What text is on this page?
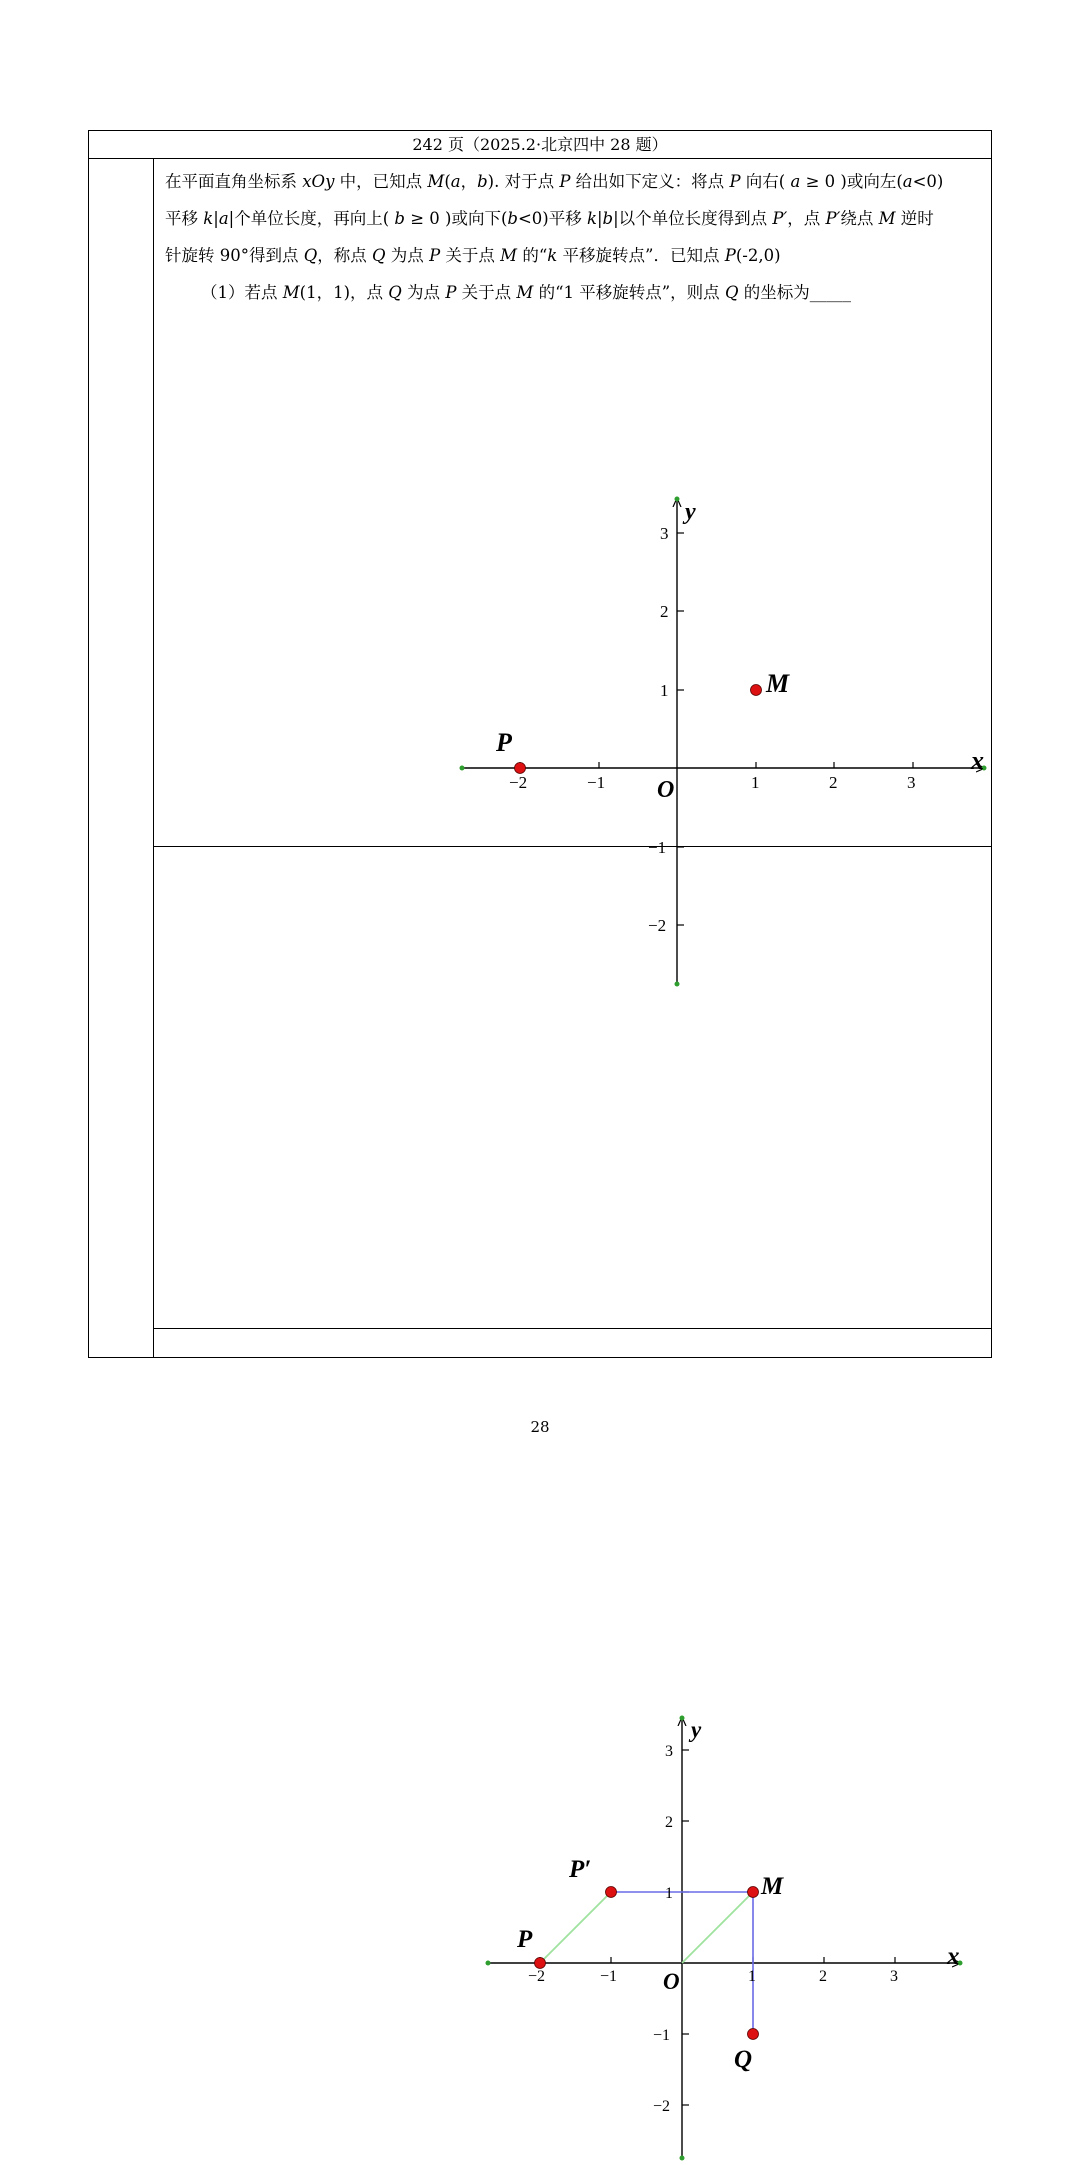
242 页（2025.2·北京四中 28 题）

在平面直角坐标系 xOy 中，已知点 M(a，b). 对于点 P 给出如下定义：将点 P 向右( a ≥ 0 )或向左(a<0)

平移 k|a|个单位长度，再向上( b ≥ 0 )或向下(b<0)平移 k|b|以个单位长度得到点 P′，点 P′绕点 M 逆时

针旋转 90°得到点 Q，称点 Q 为点 P 关于点 M 的“k 平移旋转点”．已知点 P(-2,0)

（1）若点 M(1，1)，点 Q 为点 P 关于点 M 的“1 平移旋转点”，则点 Q 的坐标为_____

−2	−1	1	2	3
3
2
1
−1
−2
x
y
O
P
M
−2	−1	1	2	3
3
2
1
−1
−2
x
y
O
P
P′
M
Q
28
